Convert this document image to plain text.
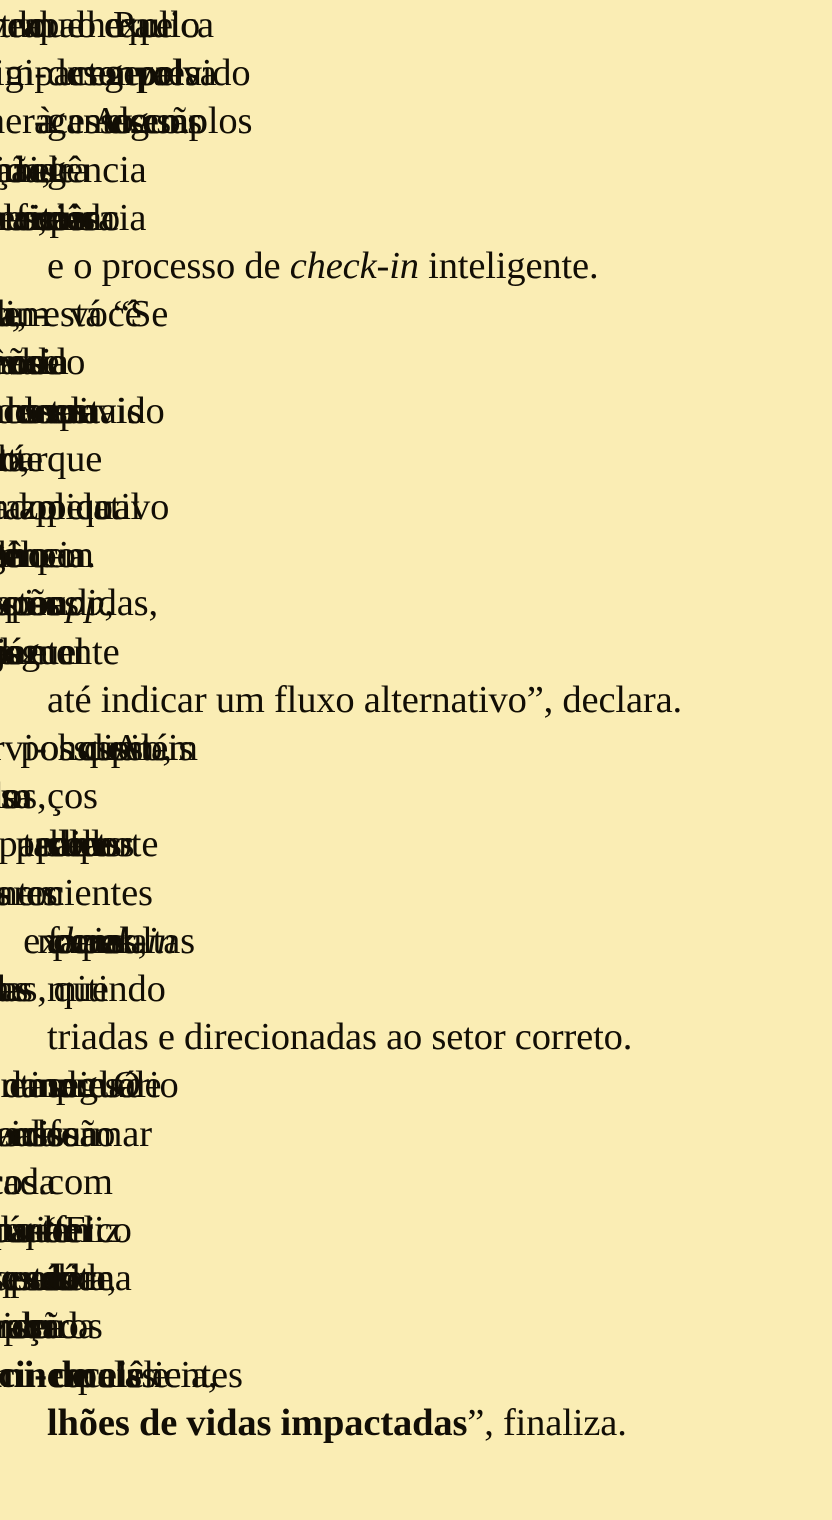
dos leitos trazendo mais eficiência para os times,
e o processo de check-in inteligente.

do se vale ou não a pena ir para a emergência de
que está sentindo, pode simplesmente consultar
pelo aplicativo qual o prazo de espera estimado
app
tal já consegue te receber mais rapidamente e
até indicar um fluxo alternativo”, declara.

como suporte de tablets para pedidos de pa-
cientes em leitos hospitalares e reconhecimento
check-in
triadas e direcionadas ao setor correto.

sua missão de transformar a vida das pessoas
com cada vez menos processos burocráticos.
a missão vem sendo abraçada por parceiros de
excelência, clientes e pelas
lhões de vidas impactadas”, finaliza.
